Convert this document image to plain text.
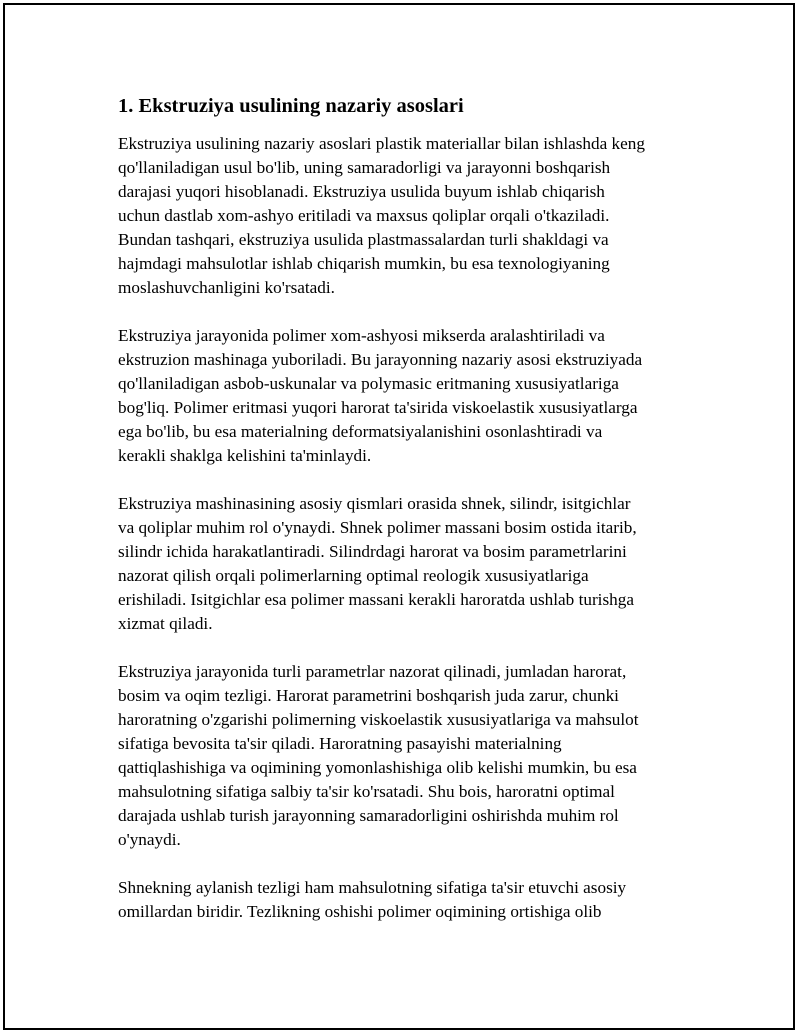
1. Ekstruziya usulining nazariy asoslari
Ekstruziya usulining nazariy asoslari plastik materiallar bilan ishlashda keng
qo'llaniladigan usul bo'lib, uning samaradorligi va jarayonni boshqarish
darajasi yuqori hisoblanadi. Ekstruziya usulida buyum ishlab chiqarish
uchun dastlab xom-ashyo eritiladi va maxsus qoliplar orqali o'tkaziladi.
Bundan tashqari, ekstruziya usulida plastmassalardan turli shakldagi va
hajmdagi mahsulotlar ishlab chiqarish mumkin, bu esa texnologiyaning
moslashuvchanligini ko'rsatadi.
Ekstruziya jarayonida polimer xom-ashyosi mikserda aralashtiriladi va
ekstruzion mashinaga yuboriladi. Bu jarayonning nazariy asosi ekstruziyada
qo'llaniladigan asbob-uskunalar va polymasic eritmaning xususiyatlariga
bog'liq. Polimer eritmasi yuqori harorat ta'sirida viskoelastik xususiyatlarga
ega bo'lib, bu esa materialning deformatsiyalanishini osonlashtiradi va
kerakli shaklga kelishini ta'minlaydi.
Ekstruziya mashinasining asosiy qismlari orasida shnek, silindr, isitgichlar
va qoliplar muhim rol o'ynaydi. Shnek polimer massani bosim ostida itarib,
silindr ichida harakatlantiradi. Silindrdagi harorat va bosim parametrlarini
nazorat qilish orqali polimerlarning optimal reologik xususiyatlariga
erishiladi. Isitgichlar esa polimer massani kerakli haroratda ushlab turishga
xizmat qiladi.
Ekstruziya jarayonida turli parametrlar nazorat qilinadi, jumladan harorat,
bosim va oqim tezligi. Harorat parametrini boshqarish juda zarur, chunki
haroratning o'zgarishi polimerning viskoelastik xususiyatlariga va mahsulot
sifatiga bevosita ta'sir qiladi. Haroratning pasayishi materialning
qattiqlashishiga va oqimining yomonlashishiga olib kelishi mumkin, bu esa
mahsulotning sifatiga salbiy ta'sir ko'rsatadi. Shu bois, haroratni optimal
darajada ushlab turish jarayonning samaradorligini oshirishda muhim rol
o'ynaydi.
Shnekning aylanish tezligi ham mahsulotning sifatiga ta'sir etuvchi asosiy
omillardan biridir. Tezlikning oshishi polimer oqimining ortishiga olib
